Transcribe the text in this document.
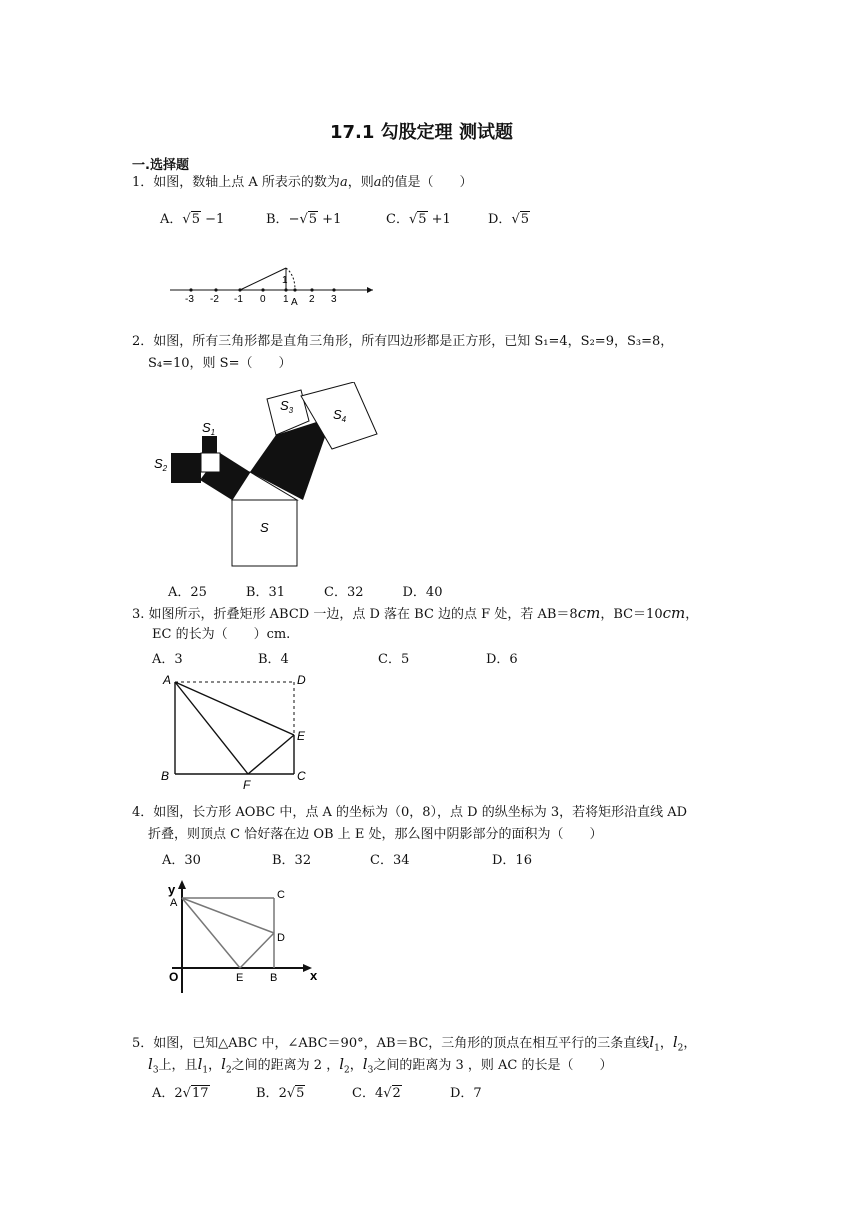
17.1 勾股定理 测试题
一.选择题
1．如图，数轴上点 A 所表示的数为a，则a的值是（　　）
A．√5 −1	B．−√5 +1	C．√5 +1	D．√5
-3 -2 -1 0 1 2 3
1
A
2．如图，所有三角形都是直角三角形，所有四边形都是正方形，已知 S₁=4，S₂=9，S₃=8，
S₄=10，则 S=（　　）
$S_2$
$S_1$
$S_3$	$S_4$
S
A．25　　　B．31　　　C．32　　　D．40
3. 如图所示，折叠矩形 ABCD 一边，点 D 落在 BC 边的点 F 处，若 AB＝8cm，BC＝10cm，
EC 的长为（　　）cm.
A．3	B．4	C．5	D．6
A	D
E
B	C
F
4．如图，长方形 AOBC 中，点 A 的坐标为（0，8），点 D 的纵坐标为 3，若将矩形沿直线 AD
折叠，则顶点 C 恰好落在边 OB 上 E 处，那么图中阴影部分的面积为（　　）
A．30	B．32	C．34	D．16
y
A
C
D
O	E B	x
5．如图，已知△ABC 中，∠ABC＝90°，AB＝BC，三角形的顶点在相互平行的三条直线$l_1$，$l_2$，
$l_3$上，且$l_1$，$l_2$之间的距离为 2 ，$l_2$，$l_3$之间的距离为 3 ，则 AC 的长是（　　）
A．2√17	B．2√5	C．4√2	D．7
